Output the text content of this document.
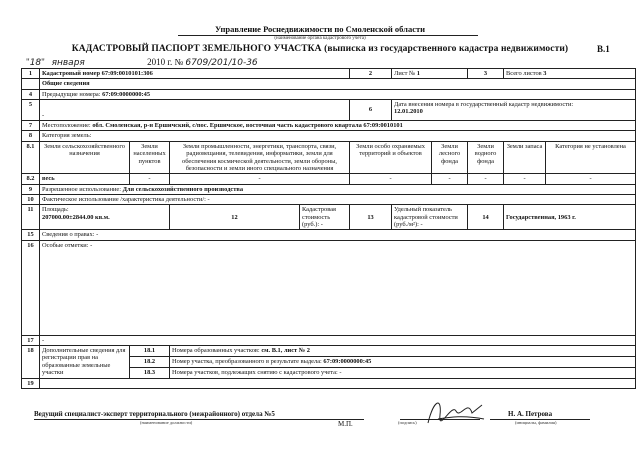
Управление Роснедвижимости по Смоленской области
(наименование органа кадастрового учета)
КАДАСТРОВЫЙ ПАСПОРТ ЗЕМЕЛЬНОГО УЧАСТКА (выписка из государственного кадастра недвижимости)	В.1
"18"   января	2010 г. № 6709/201/10-36
1	Кадастровый номер 67:09:0010101:306				2	Лист № 1		3	Всего листов 3	
	Общие сведения									
4	Предыдущие номера: 67:09:0000000:45									
5	-				6	Дата внесения номера в государственный кадастр недвижимости:
12.01.2010				
7	Местоположение: обл. Смоленская, р-н Ершичский, с/пос. Ершичское, восточная часть кадастрового квартала 67:09:0010101									
8	Категория земель:									
8.1	Земли сельскохозяйственного назначения	Земли населенных пунктов	Земли промышленности, энергетики, транспорта, связи, радиовещания, телевидения, информатики, земли для обеспечения космической деятельности, земли обороны, безопасности и земли иного специального назначения		Земли особо охраняемых территорий и объектов		Земли лесного фонда	Земли водного фонда	Земли запаса	Категория не установлена
8.2	весь	-	-		-		-	-	-	-
9	Разрешенное использование: Для сельскохозяйственного производства									
10	Фактическое использование /характеристика деятельности/: -									
11	Площадь:
207000.00±2844.00 кв.м.		12	Кадастровая стоимость (руб.): -	13	Удельный показатель кадастровой стоимости (руб./м²): -		14	Государственная, 1963 г.	
15	Сведения о правах: -									
16	Особые отметки: -									
17	-									
18	Дополнительные сведения для регистрации прав на образованные земельные участки	18.1	Номера образованных участков: см. В.1, лист № 2							
		18.2	Номер участка, преобразованного в результате выдела: 67:09:0000000:45							
		18.3	Номера участков, подлежащих снятию с кадастрового учета: -							
19										
Ведущий специалист-эксперт территориального (межрайонного) отдела №5
(наименование должности)	М.П.	(подпись)
Н. А. Петрова
(инициалы, фамилия)
